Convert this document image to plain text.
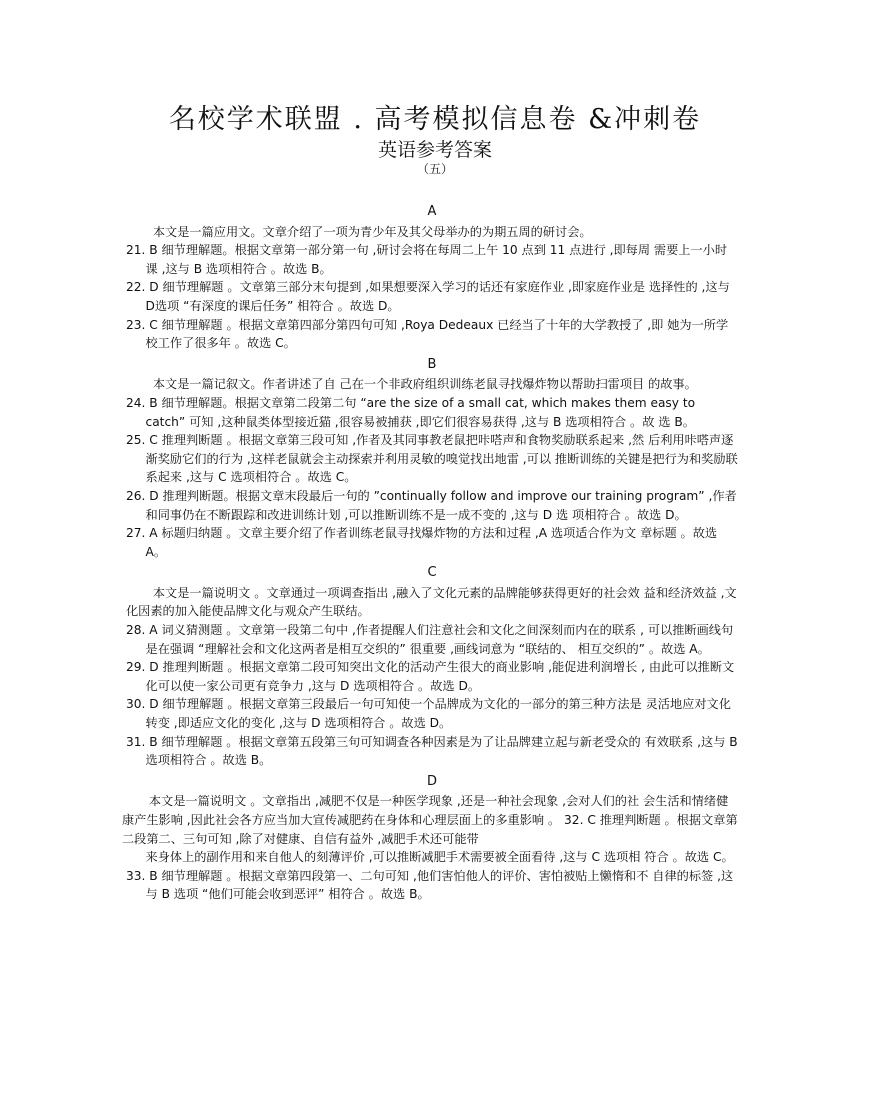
名校学术联盟 . 高考模拟信息卷 &冲刺卷
英语参考答案
（五）
A

本文是一篇应用文。文章介绍了一项为青少年及其父母举办的为期五周的研讨会。

21. B 细节理解题。根据文章第一部分第一句 ,研讨会将在每周二上午 10 点到 11 点进行 ,即每周 需要上一小时课 ,这与 B 选项相符合 。故选 B。

22. D 细节理解题 。文章第三部分末句提到 ,如果想要深入学习的话还有家庭作业 ,即家庭作业是 选择性的 ,这与 D选项 “有深度的课后任务” 相符合 。故选 D。

23. C 细节理解题 。根据文章第四部分第四句可知 ,Roya Dedeaux 已经当了十年的大学教授了 ,即 她为一所学校工作了很多年 。故选 C。

B

本文是一篇记叙文。作者讲述了自 己在一个非政府组织训练老鼠寻找爆炸物以帮助扫雷项目 的故事。

24. B 细节理解题。根据文章第二段第二句 “are the size of a small cat, which makes them easy to catch” 可知 ,这种鼠类体型接近猫 ,很容易被捕获 ,即它们很容易获得 ,这与 B 选项相符合 。故 选 B。

25. C 推理判断题 。根据文章第三段可知 ,作者及其同事教老鼠把咔嗒声和食物奖励联系起来 ,然 后利用咔嗒声逐渐奖励它们的行为 ,这样老鼠就会主动探索并利用灵敏的嗅觉找出地雷 ,可以 推断训练的关键是把行为和奖励联系起来 ,这与 C 选项相符合 。故选 C。

26. D 推理判断题。根据文章末段最后一句的 ”continually follow and improve our training program” ,作者和同事仍在不断跟踪和改进训练计划 ,可以推断训练不是一成不变的 ,这与 D 选 项相符合 。故选 D。

27. A 标题归纳题 。文章主要介绍了作者训练老鼠寻找爆炸物的方法和过程 ,A 选项适合作为文 章标题 。故选 A。

C

本文是一篇说明文 。文章通过一项调查指出 ,融入了文化元素的品牌能够获得更好的社会效 益和经济效益 ,文化因素的加入能使品牌文化与观众产生联结。

28. A 词义猜测题 。文章第一段第二句中 ,作者提醒人们注意社会和文化之间深刻而内在的联系 , 可以推断画线句是在强调 “理解社会和文化这两者是相互交织的” 很重要 ,画线词意为 “联结的、 相互交织的” 。故选 A。

29. D 推理判断题 。根据文章第二段可知突出文化的活动产生很大的商业影响 ,能促进利润增长 , 由此可以推断文化可以使一家公司更有竞争力 ,这与 D 选项相符合 。故选 D。

30. D 细节理解题 。根据文章第三段最后一句可知使一个品牌成为文化的一部分的第三种方法是 灵活地应对文化转变 ,即适应文化的变化 ,这与 D 选项相符合 。故选 D。

31. B 细节理解题 。根据文章第五段第三句可知调查各种因素是为了让品牌建立起与新老受众的 有效联系 ,这与 B 选项相符合 。故选 B。

D

本文是一篇说明文 。文章指出 ,减肥不仅是一种医学现象 ,还是一种社会现象 ,会对人们的社 会生活和情绪健康产生影响 ,因此社会各方应当加大宣传减肥药在身体和心理层面上的多重影响 。 32. C 推理判断题 。根据文章第二段第二、三句可知 ,除了对健康、自信有益外 ,减肥手术还可能带

来身体上的副作用和来自他人的刻薄评价 ,可以推断减肥手术需要被全面看待 ,这与 C 选项相 符合 。故选 C。

33. B 细节理解题 。根据文章第四段第一、二句可知 ,他们害怕他人的评价、害怕被贴上懒惰和不 自律的标签 ,这与 B 选项 “他们可能会收到恶评” 相符合 。故选 B。
